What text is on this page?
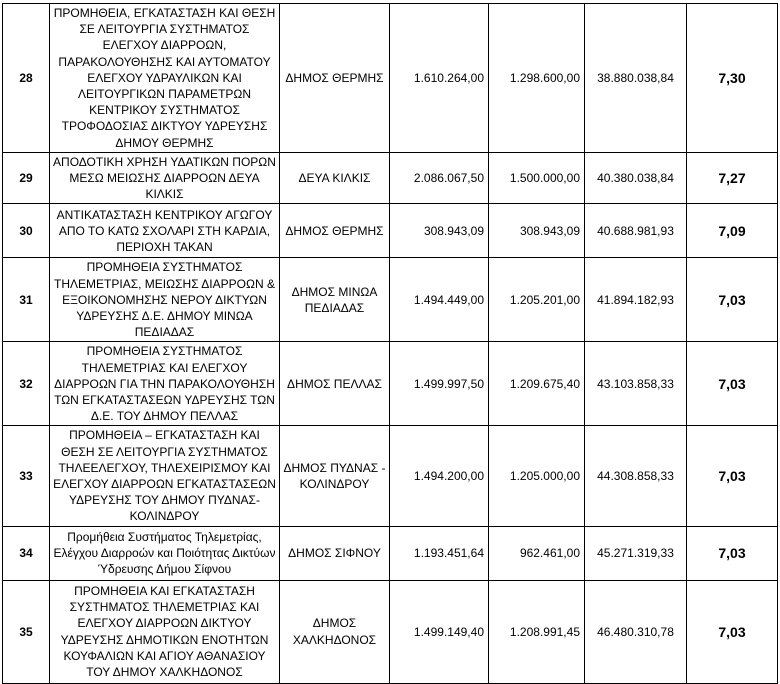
28	ΠΡΟΜΗΘΕΙΑ, ΕΓΚΑΤΑΣΤΑΣΗ ΚΑΙ ΘΕΣΗ ΣΕ ΛΕΙΤΟΥΡΓΙΑ ΣΥΣΤΗΜΑΤΟΣ ΕΛΕΓΧΟΥ ΔΙΑΡΡΟΩΝ, ΠΑΡΑΚΟΛΟΥΘΗΣΗΣ ΚΑΙ ΑΥΤΟΜΑΤΟΥ ΕΛΕΓΧΟΥ ΥΔΡΑΥΛΙΚΩΝ ΚΑΙ ΛΕΙΤΟΥΡΓΙΚΩΝ ΠΑΡΑΜΕΤΡΩΝ ΚΕΝΤΡΙΚΟΥ ΣΥΣΤΗΜΑΤΟΣ ΤΡΟΦΟΔΟΣΙΑΣ ΔΙΚΤΥΟΥ ΥΔΡΕΥΣΗΣ ΔΗΜΟΥ ΘΕΡΜΗΣ	ΔΗΜΟΣ ΘΕΡΜΗΣ	1.610.264,00	1.298.600,00	38.880.038,84	7,30
29	ΑΠΟΔΟΤΙΚΗ ΧΡΗΣΗ ΥΔΑΤΙΚΩΝ ΠΟΡΩΝ ΜΕΣΩ ΜΕΙΩΣΗΣ ΔΙΑΡΡΟΩΝ ΔΕΥΑ ΚΙΛΚΙΣ	ΔΕΥΑ ΚΙΛΚΙΣ	2.086.067,50	1.500.000,00	40.380.038,84	7,27
30	ΑΝΤΙΚΑΤΑΣΤΑΣΗ ΚΕΝΤΡΙΚΟΥ ΑΓΩΓΟΥ ΑΠΟ ΤΟ ΚΑΤΩ ΣΧΟΛΑΡΙ ΣΤΗ ΚΑΡΔΙΑ, ΠΕΡΙΟΧΗ ΤΑΚΑΝ	ΔΗΜΟΣ ΘΕΡΜΗΣ	308.943,09	308.943,09	40.688.981,93	7,09
31	ΠΡΟΜΗΘΕΙΑ ΣΥΣΤΗΜΑΤΟΣ ΤΗΛΕΜΕΤΡΙΑΣ, ΜΕΙΩΣΗΣ ΔΙΑΡΡΟΩΝ & ΕΞΟΙΚΟΝΟΜΗΣΗΣ ΝΕΡΟΥ ΔΙΚΤΥΩΝ ΥΔΡΕΥΣΗΣ Δ.Ε. ΔΗΜΟΥ ΜΙΝΩΑ ΠΕΔΙΑΔΑΣ	ΔΗΜΟΣ ΜΙΝΩΑ ΠΕΔΙΑΔΑΣ	1.494.449,00	1.205.201,00	41.894.182,93	7,03
32	ΠΡΟΜΗΘΕΙΑ ΣΥΣΤΗΜΑΤΟΣ ΤΗΛΕΜΕΤΡΙΑΣ ΚΑΙ ΕΛΕΓΧΟΥ ΔΙΑΡΡΟΩΝ ΓΙΑ ΤΗΝ ΠΑΡΑΚΟΛΟΥΘΗΣΗ ΤΩΝ ΕΓΚΑΤΑΣΤΑΣΕΩΝ ΥΔΡΕΥΣΗΣ ΤΩΝ Δ.Ε. ΤΟΥ ΔΗΜΟΥ ΠΕΛΛΑΣ	ΔΗΜΟΣ ΠΕΛΛΑΣ	1.499.997,50	1.209.675,40	43.103.858,33	7,03
33	ΠΡΟΜΗΘΕΙΑ – ΕΓΚΑΤΑΣΤΑΣΗ ΚΑΙ ΘΕΣΗ ΣΕ ΛΕΙΤΟΥΡΓΙΑ ΣΥΣΤΗΜΑΤΟΣ ΤΗΛΕΕΛΕΓΧΟΥ, ΤΗΛΕΧΕΙΡΙΣΜΟΥ ΚΑΙ ΕΛΕΓΧΟΥ ΔΙΑΡΡΟΩΝ ΕΓΚΑΤΑΣΤΑΣΕΩΝ ΥΔΡΕΥΣΗΣ ΤΟΥ ΔΗΜΟΥ ΠΥΔΝΑΣ-ΚΟΛΙΝΔΡΟΥ	ΔΗΜΟΣ ΠΥΔΝΑΣ - ΚΟΛΙΝΔΡΟΥ	1.494.200,00	1.205.000,00	44.308.858,33	7,03
34	Προμήθεια Συστήματος Τηλεμετρίας, Ελέγχου Διαρροών και Ποιότητας Δικτύων Ύδρευσης Δήμου Σίφνου	ΔΗΜΟΣ ΣΙΦΝΟΥ	1.193.451,64	962.461,00	45.271.319,33	7,03
35	ΠΡΟΜΗΘΕΙΑ ΚΑΙ ΕΓΚΑΤΑΣΤΑΣΗ ΣΥΣΤΗΜΑΤΟΣ ΤΗΛΕΜΕΤΡΙΑΣ ΚΑΙ ΕΛΕΓΧΟΥ ΔΙΑΡΡΟΩΝ ΔΙΚΤΥΟΥ ΥΔΡΕΥΣΗΣ ΔΗΜΟΤΙΚΩΝ ΕΝΟΤΗΤΩΝ ΚΟΥΦΑΛΙΩΝ ΚΑΙ ΑΓΙΟΥ ΑΘΑΝΑΣΙΟΥ ΤΟΥ ΔΗΜΟΥ ΧΑΛΚΗΔΟΝΟΣ	ΔΗΜΟΣ ΧΑΛΚΗΔΟΝΟΣ	1.499.149,40	1.208.991,45	46.480.310,78	7,03
